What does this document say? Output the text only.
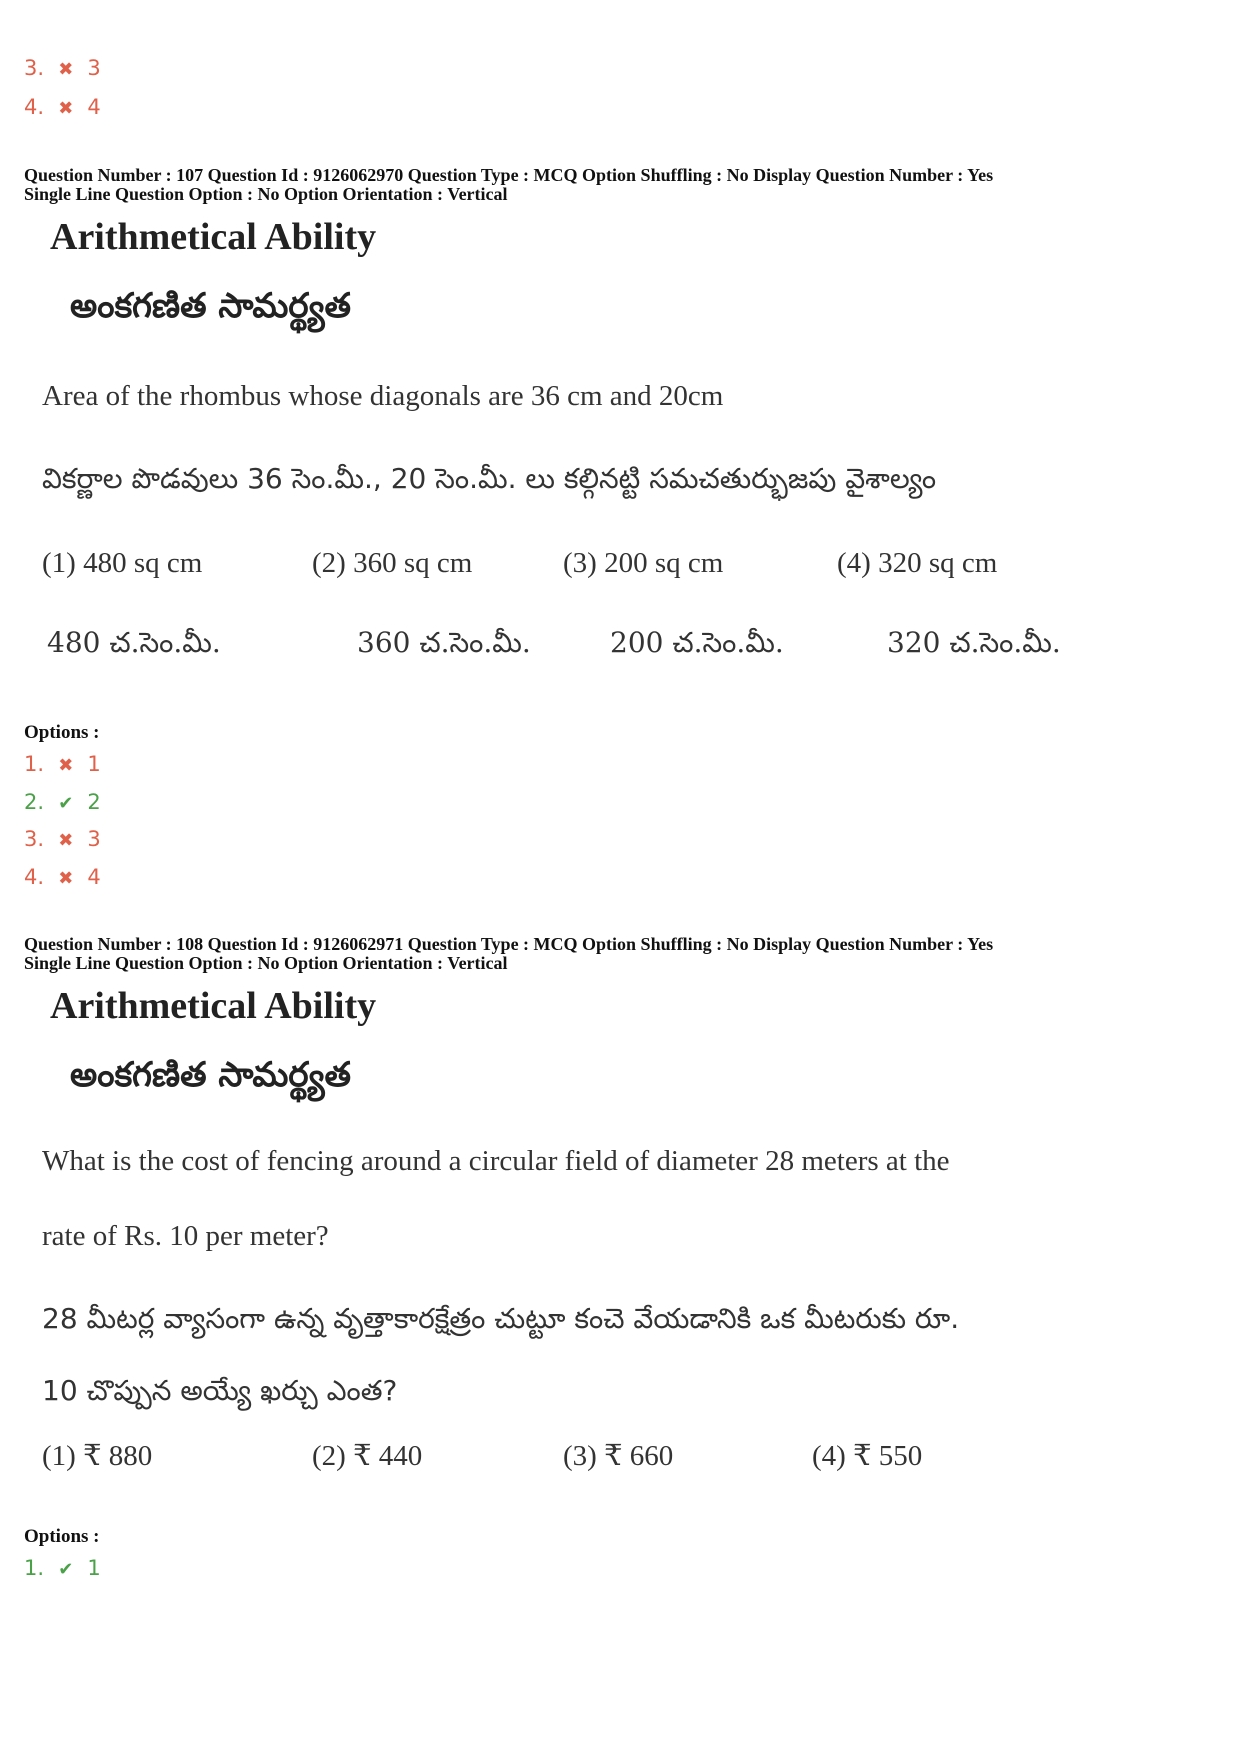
3. ✖ 3
4. ✖ 4
Question Number : 107 Question Id : 9126062970 Question Type : MCQ Option Shuffling : No Display Question Number : Yes
Single Line Question Option : No Option Orientation : Vertical
Arithmetical Ability
అంకగణిత సామర్థ్యత
Area of the rhombus whose diagonals are 36 cm and 20cm
వికర్ణాల పొడవులు 36 సెం.మీ., 20 సెం.మీ. లు కల్గినట్టి సమచతుర్భుజపు వైశాల్యం
(1) 480 sq cm	(2) 360 sq cm	(3) 200 sq cm	(4) 320 sq cm
480 చ.సెం.మీ.	360 చ.సెం.మీ.	200 చ.సెం.మీ.	320 చ.సెం.మీ.
Options :
1. ✖ 1
2. ✔ 2
3. ✖ 3
4. ✖ 4
Question Number : 108 Question Id : 9126062971 Question Type : MCQ Option Shuffling : No Display Question Number : Yes
Single Line Question Option : No Option Orientation : Vertical
Arithmetical Ability
అంకగణిత సామర్థ్యత
What is the cost of fencing around a circular field of diameter 28 meters at the
rate of Rs. 10 per meter?
28 మీటర్ల వ్యాసంగా ఉన్న వృత్తాకారక్షేత్రం చుట్టూ కంచె వేయడానికి ఒక మీటరుకు రూ.
10 చొప్పున అయ్యే ఖర్చు ఎంత?
(1) ₹ 880	(2) ₹ 440	(3) ₹ 660	(4) ₹ 550
Options :
1. ✔ 1
